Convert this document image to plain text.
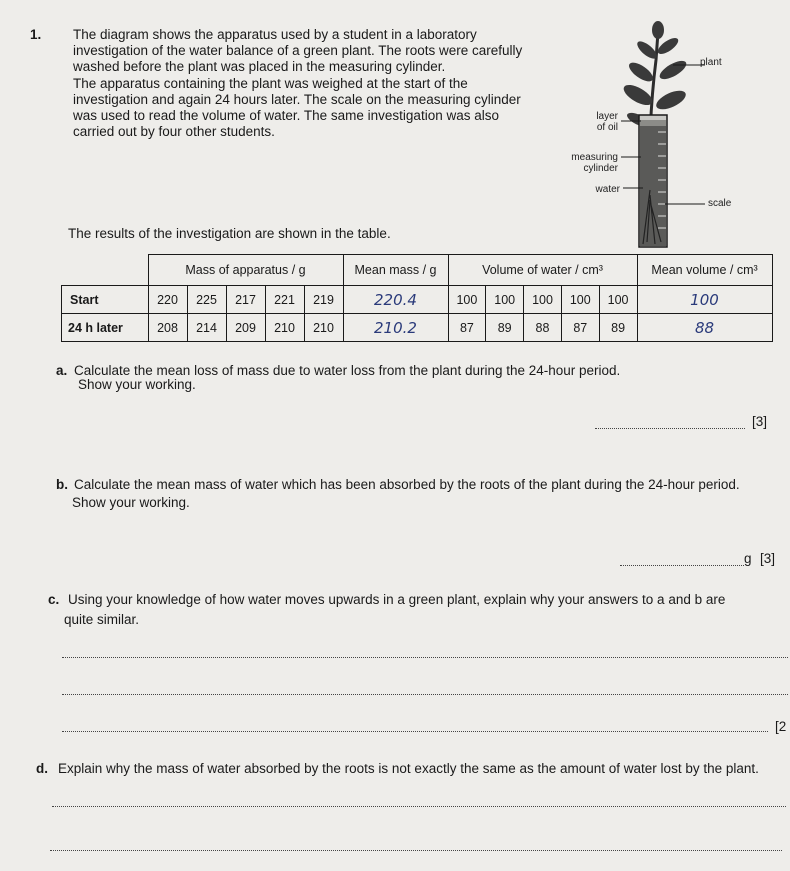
1. The diagram shows the apparatus used by a student in a laboratory
investigation of the water balance of a green plant. The roots were carefully
washed before the plant was placed in the measuring cylinder.
The apparatus containing the plant was weighed at the start of the
investigation and again 24 hours later. The scale on the measuring cylinder
was used to read the volume of water. The same investigation was also
carried out by four other students.
plant
layer
of oil
measuring
cylinder
water
scale
The results of the investigation are shown in the table.
	Mass of apparatus / g					Mean mass / g	Volume of water / cm³					Mean volume / cm³
Start	220	225	217	221	219	220.4	100	100	100	100	100	100
24 h later	208	214	209	210	210	210.2	87	89	88	87	89	88
a. Calculate the mean loss of mass due to water loss from the plant during the 24-hour period.
Show your working.
[3]
b. Calculate the mean mass of water which has been absorbed by the roots of the plant during the 24-hour period.
Show your working.
g [3]
c. Using your knowledge of how water moves upwards in a green plant, explain why your answers to a and b are
quite similar.
[2
d. Explain why the mass of water absorbed by the roots is not exactly the same as the amount of water lost by the plant.
